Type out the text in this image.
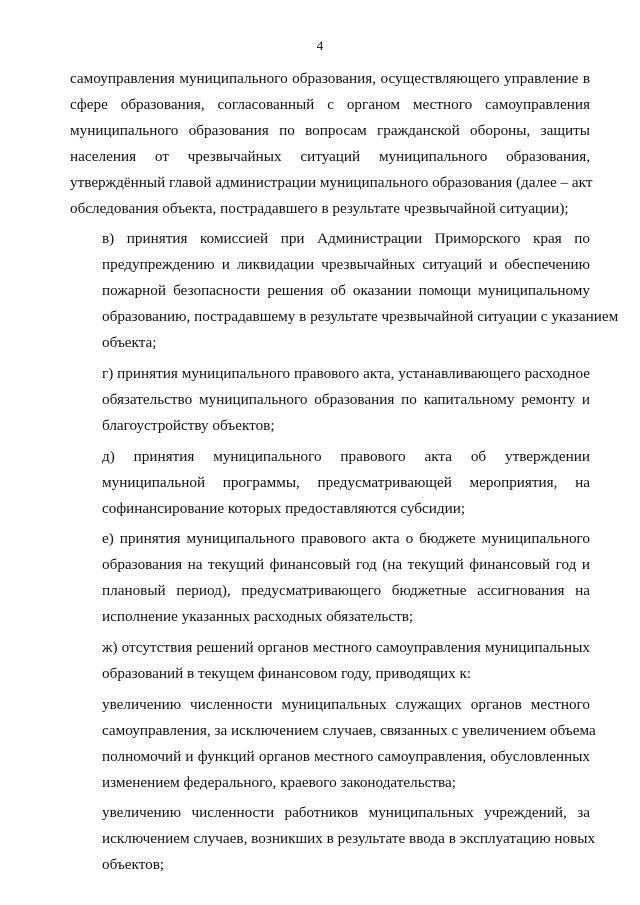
4

самоуправления муниципального образования, осуществляющего управление в
сфере образования, согласованный с органом местного самоуправления
муниципального образования по вопросам гражданской обороны, защиты
населения от чрезвычайных ситуаций муниципального образования,
утверждённый главой администрации муниципального образования (далее – акт
обследования объекта, пострадавшего в результате чрезвычайной ситуации);

в) принятия комиссией при Администрации Приморского края по
предупреждению и ликвидации чрезвычайных ситуаций и обеспечению
пожарной безопасности решения об оказании помощи муниципальному
образованию, пострадавшему в результате чрезвычайной ситуации с указанием
объекта;

г) принятия муниципального правового акта, устанавливающего расходное
обязательство муниципального образования по капитальному ремонту и
благоустройству объектов;

д) принятия муниципального правового акта об утверждении
муниципальной программы, предусматривающей мероприятия, на
софинансирование которых предоставляются субсидии;

е) принятия муниципального правового акта о бюджете муниципального
образования на текущий финансовый год (на текущий финансовый год и
плановый период), предусматривающего бюджетные ассигнования на
исполнение указанных расходных обязательств;

ж) отсутствия решений органов местного самоуправления муниципальных
образований в текущем финансовом году, приводящих к:

увеличению численности муниципальных служащих органов местного
самоуправления, за исключением случаев, связанных с увеличением объема
полномочий и функций органов местного самоуправления, обусловленных
изменением федерального, краевого законодательства;

увеличению численности работников муниципальных учреждений, за
исключением случаев, возникших в результате ввода в эксплуатацию новых
объектов;
